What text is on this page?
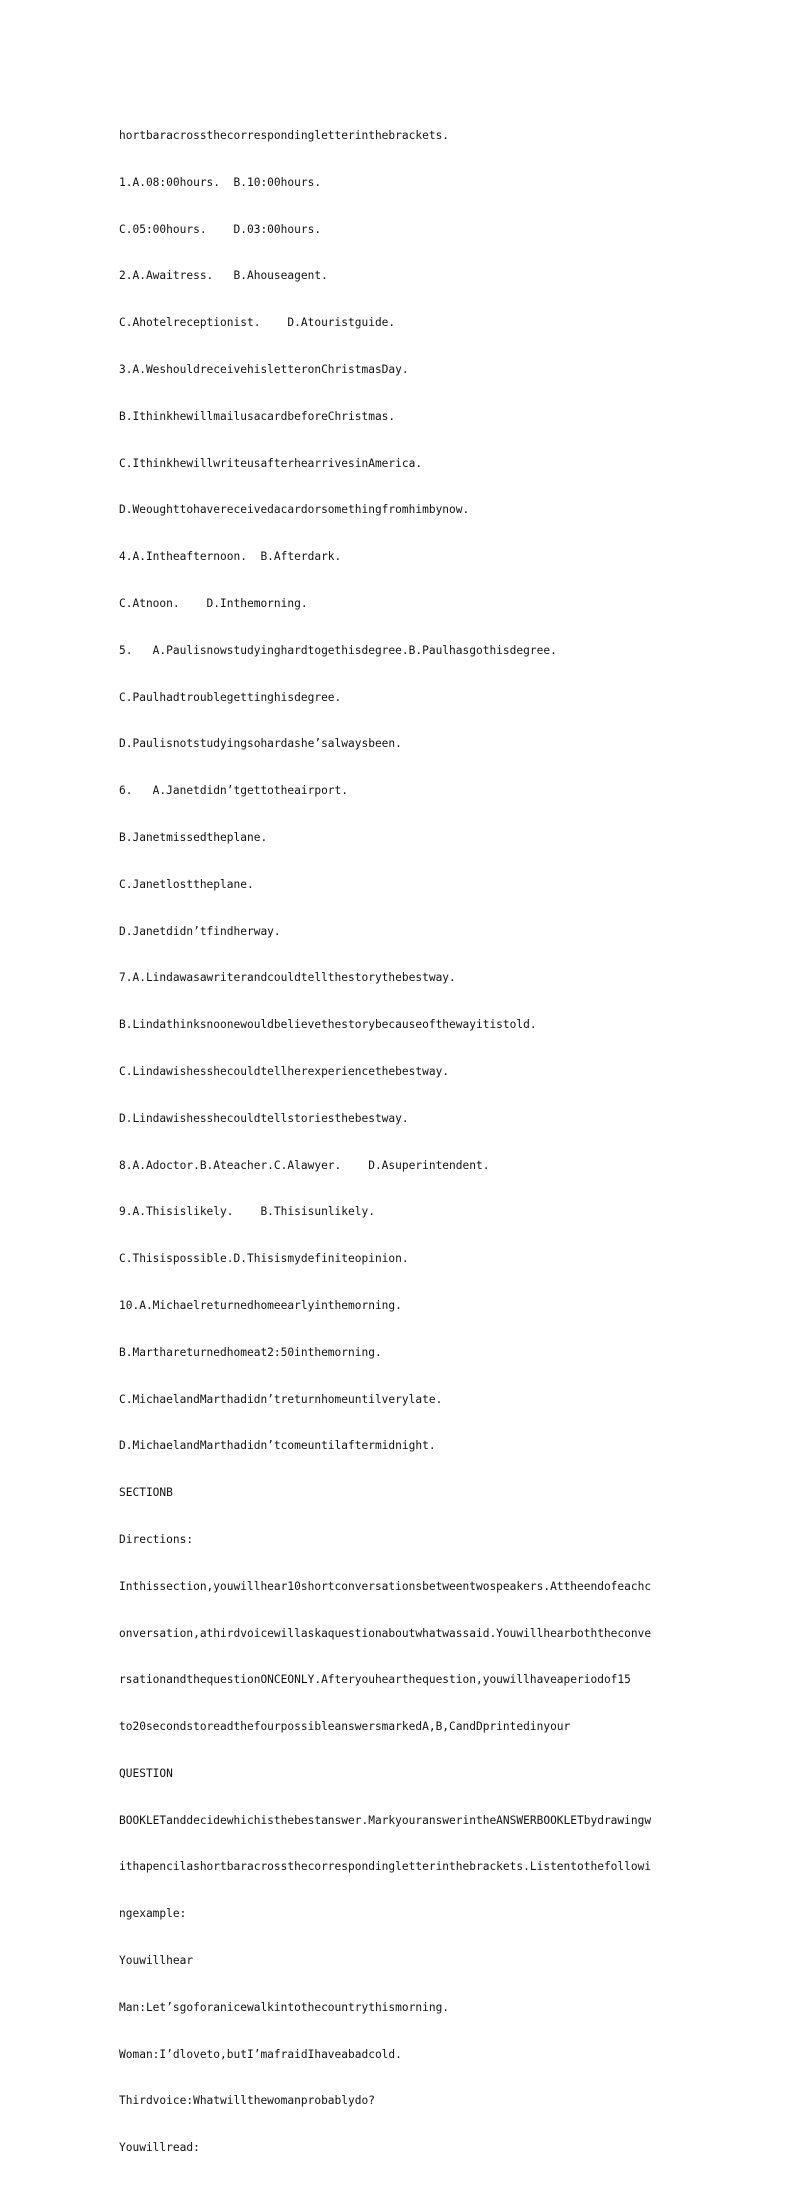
hortbaracrossthecorrespondingletterinthebrackets.

1.A.08:00hours.  B.10:00hours.

C.05:00hours.    D.03:00hours.

2.A.Awaitress.   B.Ahouseagent.

C.Ahotelreceptionist.    D.Atouristguide.

3.A.WeshouldreceivehisletteronChristmasDay.

B.IthinkhewillmailusacardbeforeChristmas.

C.IthinkhewillwriteusafterhearrivesinAmerica.

D.Weoughttohavereceivedacardorsomethingfromhimbynow.

4.A.Intheafternoon.  B.Afterdark.

C.Atnoon.    D.Inthemorning.

5.   A.Paulisnowstudyinghardtogethisdegree.B.Paulhasgothisdegree.

C.Paulhadtroublegettinghisdegree.

D.Paulisnotstudyingsohardashe’salwaysbeen.

6.   A.Janetdidn’tgettotheairport.

B.Janetmissedtheplane.

C.Janetlosttheplane.

D.Janetdidn’tfindherway.

7.A.Lindawasawriterandcouldtellthestorythebestway.

B.Lindathinksnoonewouldbelievethestorybecauseofthewayitistold.

C.Lindawishesshecouldtellherexperiencethebestway.

D.Lindawishesshecouldtellstoriesthebestway.

8.A.Adoctor.B.Ateacher.C.Alawyer.    D.Asuperintendent.

9.A.Thisislikely.    B.Thisisunlikely.

C.Thisispossible.D.Thisismydefiniteopinion.

10.A.Michaelreturnedhomeearlyinthemorning.

B.Marthareturnedhomeat2:50inthemorning.

C.MichaelandMarthadidn’treturnhomeuntilverylate.

D.MichaelandMarthadidn’tcomeuntilaftermidnight.

SECTIONB

Directions:

Inthissection,youwillhear10shortconversationsbetweentwospeakers.Attheendofeachc

onversation,athirdvoicewillaskaquestionaboutwhatwassaid.Youwillhearboththeconve

rsationandthequestionONCEONLY.Afteryouhearthequestion,youwillhaveaperiodof15

to20secondstoreadthefourpossibleanswersmarkedA,B,CandDprintedinyour

QUESTION

BOOKLETanddecidewhichisthebestanswer.MarkyouranswerintheANSWERBOOKLETbydrawingw

ithapencilashortbaracrossthecorrespondingletterinthebrackets.Listentothefollowi

ngexample:

Youwillhear

Man:Let’sgoforanicewalkintothecountrythismorning.

Woman:I’dloveto,butI’mafraidIhaveabadcold.

Thirdvoice:Whatwillthewomanprobablydo?

Youwillread:
